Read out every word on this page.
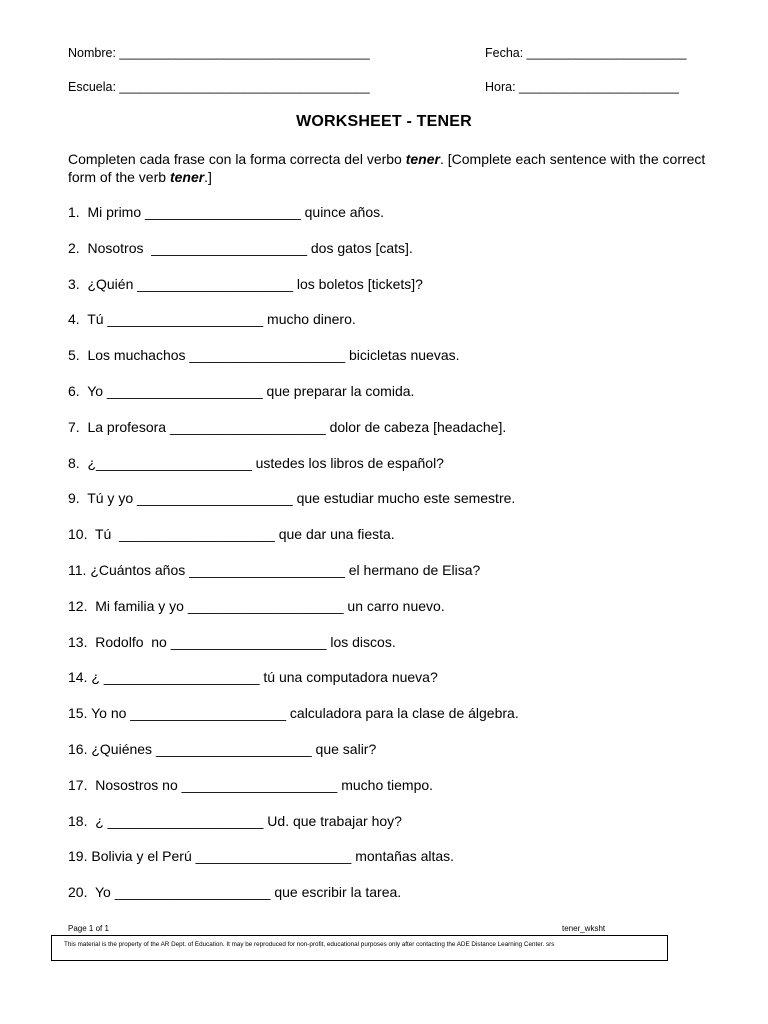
Nombre: ____________________________________
Escuela: ____________________________________
Fecha: _______________________
Hora: _______________________
WORKSHEET - TENER
Completen cada frase con la forma correcta del verbo tener. [Complete each sentence with the correct form of the verb tener.]
1.  Mi primo ____________________ quince años.
2.  Nosotros  ____________________ dos gatos [cats].
3.  ¿Quién ____________________ los boletos [tickets]?
4.  Tú ____________________ mucho dinero.
5.  Los muchachos ____________________ bicicletas nuevas.
6.  Yo ____________________ que preparar la comida.
7.  La profesora ____________________ dolor de cabeza [headache].
8.  ¿____________________ ustedes los libros de español?
9.  Tú y yo ____________________ que estudiar mucho este semestre.
10.  Tú  ____________________ que dar una fiesta.
11. ¿Cuántos años ____________________ el hermano de Elisa?
12.  Mi familia y yo ____________________ un carro nuevo.
13.  Rodolfo  no ____________________ los discos.
14. ¿ ____________________ tú una computadora nueva?
15. Yo no ____________________ calculadora para la clase de álgebra.
16. ¿Quiénes ____________________ que salir?
17.  Nosostros no ____________________ mucho tiempo.
18.  ¿ ____________________ Ud. que trabajar hoy?
19. Bolivia y el Perú ____________________ montañas altas.
20.  Yo ____________________ que escribir la tarea.
Page 1 of 1	tener_wksht
This material is the property of the AR Dept. of Education. It may be reproduced for non-profit, educational purposes only after contacting the ADE Distance Learning Center. srs
